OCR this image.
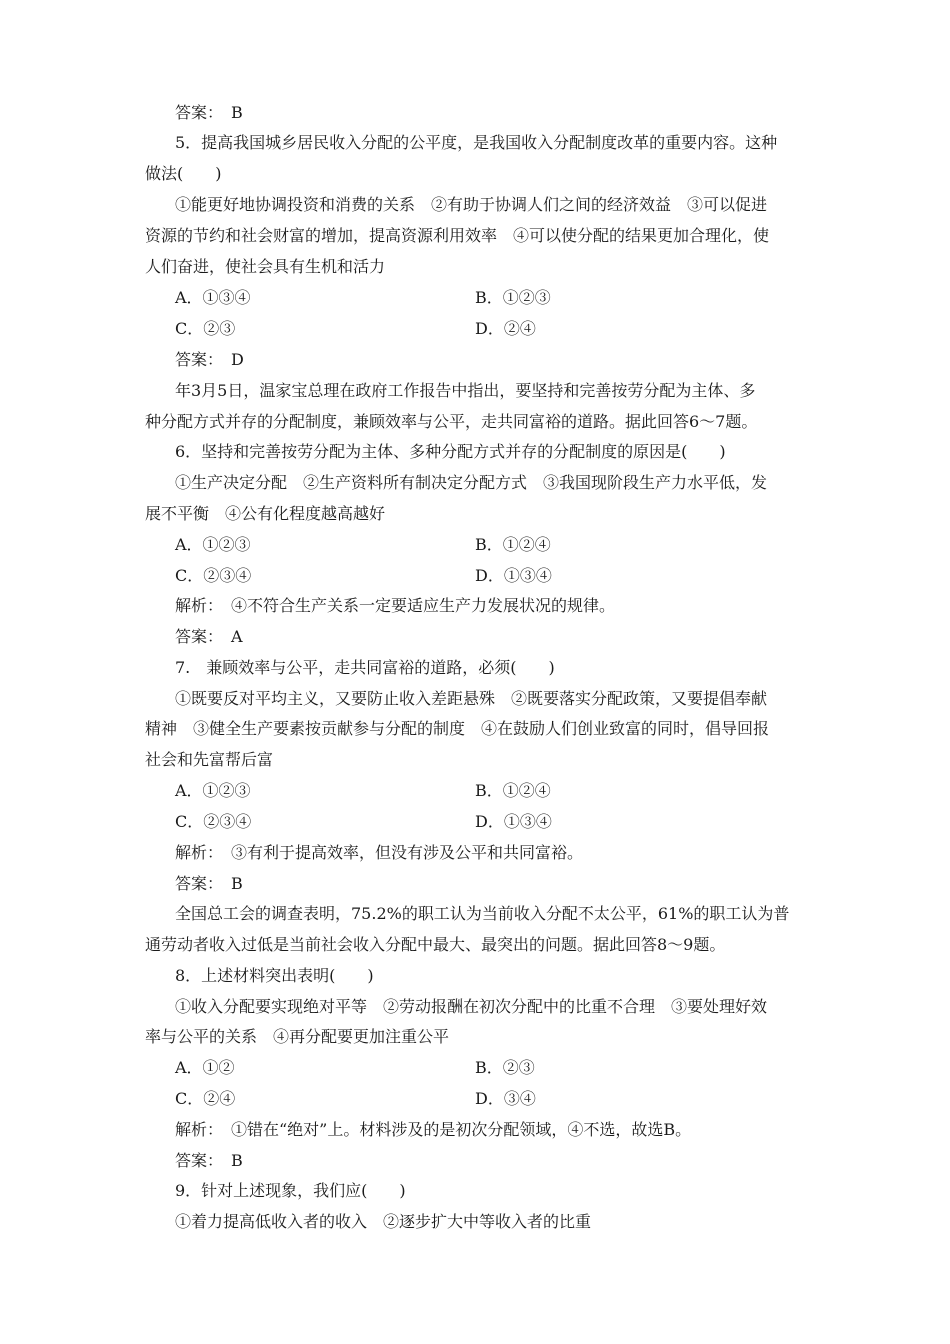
答案：　B
5．提高我国城乡居民收入分配的公平度，是我国收入分配制度改革的重要内容。这种
做法(　　)
①能更好地协调投资和消费的关系　②有助于协调人们之间的经济效益　③可以促进
资源的节约和社会财富的增加，提高资源利用效率　④可以使分配的结果更加合理化，使
人们奋进，使社会具有生机和活力
A．①③④	B．①②③
C．②③	D．②④
答案：　D
年3月5日，温家宝总理在政府工作报告中指出，要坚持和完善按劳分配为主体、多
种分配方式并存的分配制度，兼顾效率与公平，走共同富裕的道路。据此回答6～7题。
6．坚持和完善按劳分配为主体、多种分配方式并存的分配制度的原因是(　　)
①生产决定分配　②生产资料所有制决定分配方式　③我国现阶段生产力水平低，发
展不平衡　④公有化程度越高越好
A．①②③	B．①②④
C．②③④	D．①③④
解析：　④不符合生产关系一定要适应生产力发展状况的规律。
答案：　A
7.　兼顾效率与公平，走共同富裕的道路，必须(　　)
①既要反对平均主义，又要防止收入差距悬殊　②既要落实分配政策，又要提倡奉献
精神　③健全生产要素按贡献参与分配的制度　④在鼓励人们创业致富的同时，倡导回报
社会和先富帮后富
A．①②③	B．①②④
C．②③④	D．①③④
解析：　③有利于提高效率，但没有涉及公平和共同富裕。
答案：　B
全国总工会的调查表明，75.2%的职工认为当前收入分配不太公平，61%的职工认为普
通劳动者收入过低是当前社会收入分配中最大、最突出的问题。据此回答8～9题。
8．上述材料突出表明(　　)
①收入分配要实现绝对平等　②劳动报酬在初次分配中的比重不合理　③要处理好效
率与公平的关系　④再分配要更加注重公平
A．①②	B．②③
C．②④	D．③④
解析：　①错在“绝对”上。材料涉及的是初次分配领域，④不选，故选B。
答案：　B
9．针对上述现象，我们应(　　)
①着力提高低收入者的收入　②逐步扩大中等收入者的比重
